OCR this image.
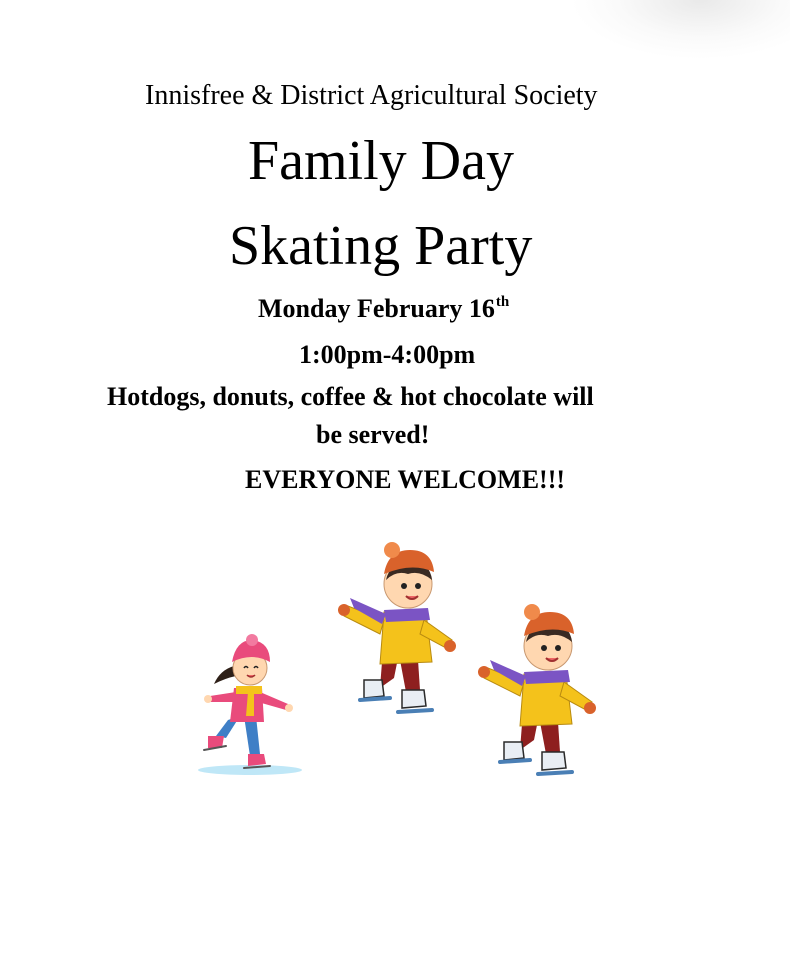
Innisfree & District Agricultural Society
Family Day
Skating Party
Monday February 16th
1:00pm-4:00pm
Hotdogs, donuts, coffee & hot chocolate will
be served!
EVERYONE WELCOME!!!
